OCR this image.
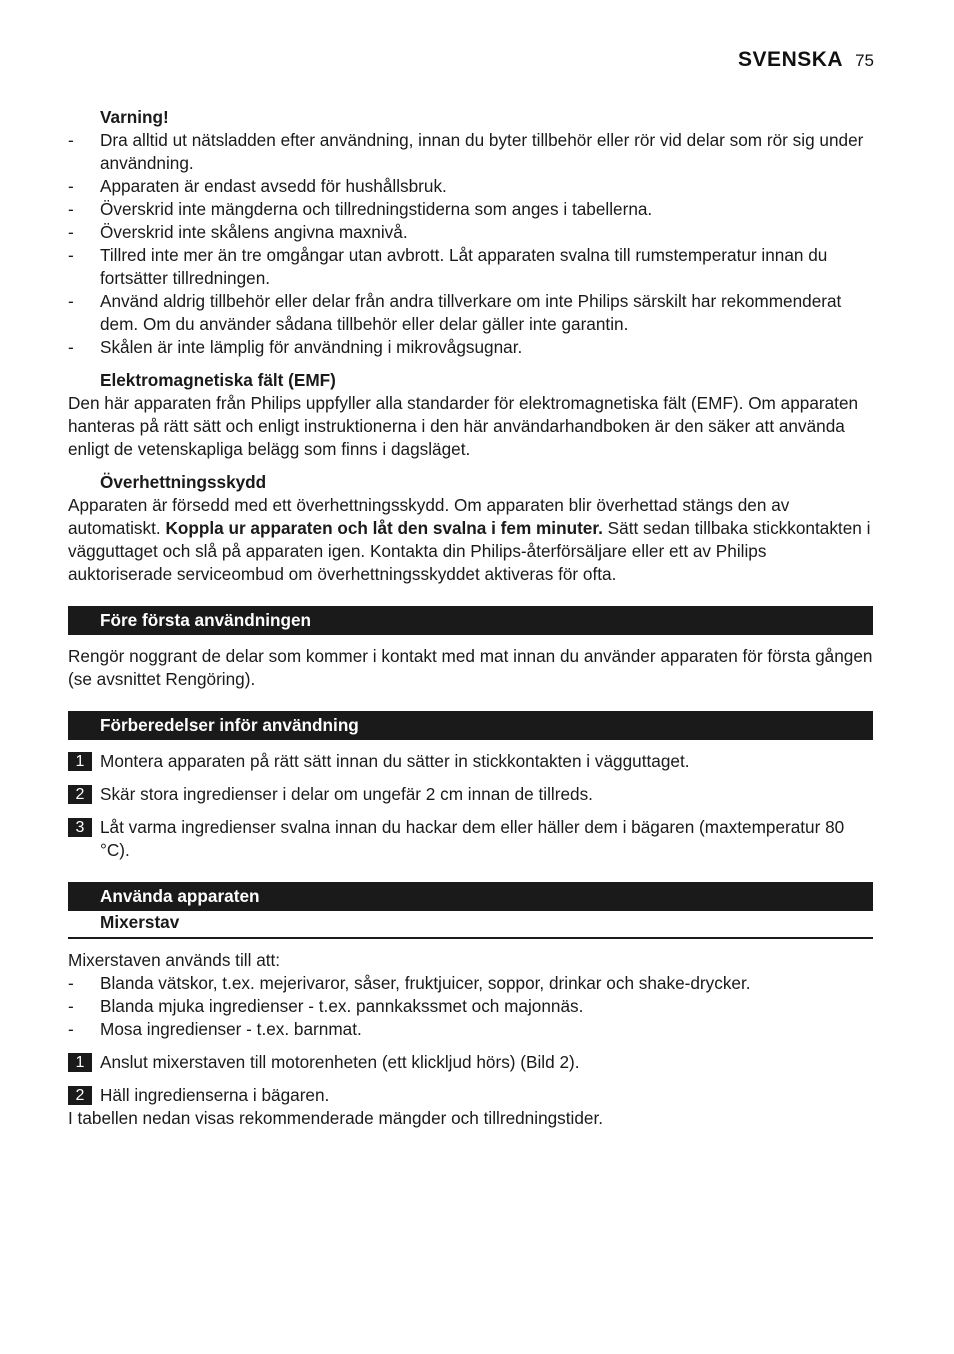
SVENSKA 75
Varning!
-	Dra alltid ut nätsladden efter användning, innan du byter tillbehör eller rör vid delar som rör sig under användning.
-	Apparaten är endast avsedd för hushållsbruk.
-	Överskrid inte mängderna och tillredningstiderna som anges i tabellerna.
-	Överskrid inte skålens angivna maxnivå.
-	Tillred inte mer än tre omgångar utan avbrott. Låt apparaten svalna till rumstemperatur innan du fortsätter tillredningen.
-	Använd aldrig tillbehör eller delar från andra tillverkare om inte Philips särskilt har rekommenderat dem. Om du använder sådana tillbehör eller delar gäller inte garantin.
-	Skålen är inte lämplig för användning i mikrovågsugnar.
Elektromagnetiska fält (EMF)

Den här apparaten från Philips uppfyller alla standarder för elektromagnetiska fält (EMF). Om apparaten hanteras på rätt sätt och enligt instruktionerna i den här användarhandboken är den säker att använda enligt de vetenskapliga belägg som finns i dagsläget.

Överhettningsskydd

Apparaten är försedd med ett överhettningsskydd. Om apparaten blir överhettad stängs den av automatiskt. Koppla ur apparaten och låt den svalna i fem minuter. Sätt sedan tillbaka stickkontakten i vägguttaget och slå på apparaten igen. Kontakta din Philips-återförsäljare eller ett av Philips auktoriserade serviceombud om överhettningsskyddet aktiveras för ofta.

Före första användningen

Rengör noggrant de delar som kommer i kontakt med mat innan du använder apparaten för första gången (se avsnittet Rengöring).

Förberedelser inför användning
1 Montera apparaten på rätt sätt innan du sätter in stickkontakten i vägguttaget.
2 Skär stora ingredienser i delar om ungefär 2 cm innan de tillreds.
3 Låt varma ingredienser svalna innan du hackar dem eller häller dem i bägaren (maxtemperatur 80 °C).
Använda apparaten
Mixerstav

Mixerstaven används till att:

-	Blanda vätskor, t.ex. mejerivaror, såser, fruktjuicer, soppor, drinkar och shake-drycker.
-	Blanda mjuka ingredienser - t.ex. pannkakssmet och majonnäs.
-	Mosa ingredienser - t.ex. barnmat.
1 Anslut mixerstaven till motorenheten (ett klickljud hörs) (Bild 2).
2 Häll ingredienserna i bägaren.

I tabellen nedan visas rekommenderade mängder och tillredningstider.
